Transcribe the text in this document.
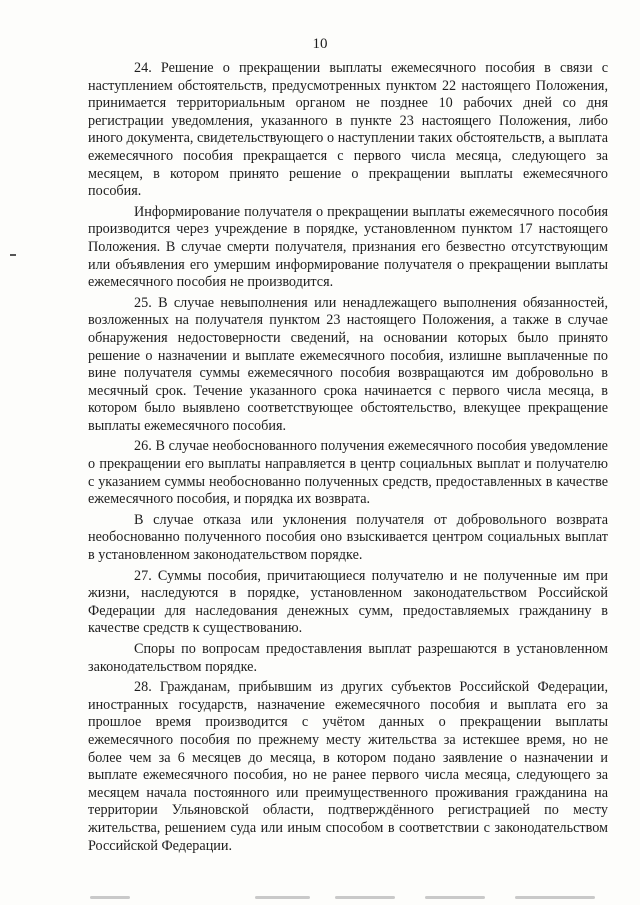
10

24. Решение о прекращении выплаты ежемесячного пособия в связи с наступлением обстоятельств, предусмотренных пунктом 22 настоящего Положения, принимается территориальным органом не позднее 10 рабочих дней со дня регистрации уведомления, указанного в пункте 23 настоящего Положения, либо иного документа, свидетельствующего о наступлении таких обстоятельств, а выплата ежемесячного пособия прекращается с первого числа месяца, следующего за месяцем, в котором принято решение о прекращении выплаты ежемесячного пособия.

Информирование получателя о прекращении выплаты ежемесячного пособия производится через учреждение в порядке, установленном пунктом 17 настоящего Положения. В случае смерти получателя, признания его безвестно отсутствующим или объявления его умершим информирование получателя о прекращении выплаты ежемесячного пособия не производится.

25. В случае невыполнения или ненадлежащего выполнения обязанностей, возложенных на получателя пунктом 23 настоящего Положения, а также в случае обнаружения недостоверности сведений, на основании которых было принято решение о назначении и выплате ежемесячного пособия, излишне выплаченные по вине получателя суммы ежемесячного пособия возвращаются им добровольно в месячный срок. Течение указанного срока начинается с первого числа месяца, в котором было выявлено соответствующее обстоятельство, влекущее прекращение выплаты ежемесячного пособия.

26. В случае необоснованного получения ежемесячного пособия уведомление о прекращении его выплаты направляется в центр социальных выплат и получателю с указанием суммы необоснованно полученных средств, предоставленных в качестве ежемесячного пособия, и порядка их возврата.

В случае отказа или уклонения получателя от добровольного возврата необоснованно полученного пособия оно взыскивается центром социальных выплат в установленном законодательством порядке.

27. Суммы пособия, причитающиеся получателю и не полученные им при жизни, наследуются в порядке, установленном законодательством Российской Федерации для наследования денежных сумм, предоставляемых гражданину в качестве средств к существованию.

Споры по вопросам предоставления выплат разрешаются в установленном законодательством порядке.

28. Гражданам, прибывшим из других субъектов Российской Федерации, иностранных государств, назначение ежемесячного пособия и выплата его за прошлое время производится с учётом данных о прекращении выплаты ежемесячного пособия по прежнему месту жительства за истекшее время, но не более чем за 6 месяцев до месяца, в котором подано заявление о назначении и выплате ежемесячного пособия, но не ранее первого числа месяца, следующего за месяцем начала постоянного или преимущественного проживания гражданина на территории Ульяновской области, подтверждённого регистрацией по месту жительства, решением суда или иным способом в соответствии с законодательством Российской Федерации.
